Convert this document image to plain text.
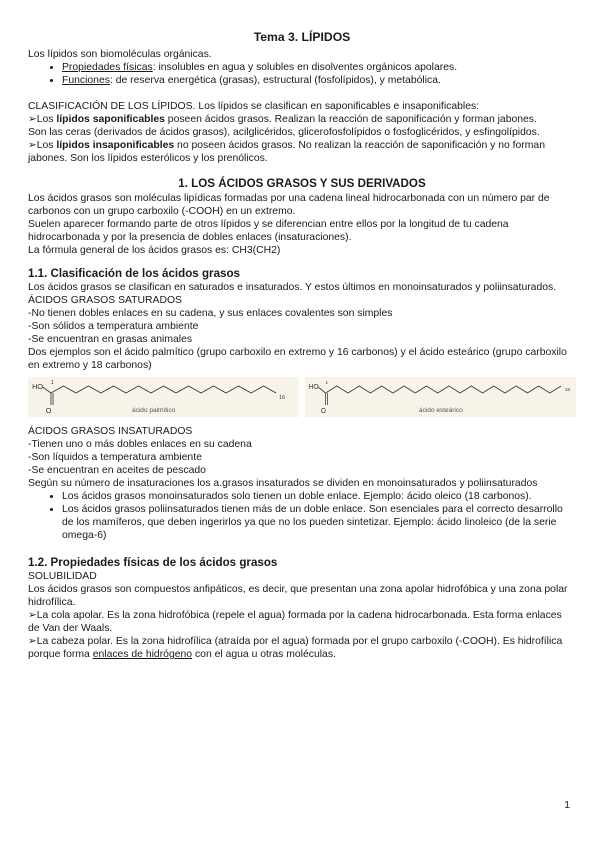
Tema 3. LÍPIDOS

Los lípidos son biomoléculas orgánicas.

• Propiedades físicas: insolubles en agua y solubles en disolventes orgánicos apolares.
• Funciones: de reserva energética (grasas), estructural (fosfolípidos), y metabólica.

CLASIFICACIÓN DE LOS LÍPIDOS. Los lípidos se clasifican en saponificables e insaponificables:

➢Los lípidos saponificables poseen ácidos grasos. Realizan la reacción de saponificación y forman jabones.

Son las ceras (derivados de ácidos grasos), acilglicéridos, glicerofosfolípidos o fosfoglicéridos, y esfingolípidos.

➢Los lípidos insaponificables no poseen ácidos grasos. No realizan la reacción de saponificación y no forman jabones. Son los lípidos esterólicos y los prenólicos.

1. LOS ÁCIDOS GRASOS Y SUS DERIVADOS

Los ácidos grasos son moléculas lipídicas formadas por una cadena lineal hidrocarbonada con un número par de carbonos con un grupo carboxilo (-COOH) en un extremo.

Suelen aparecer formando parte de otros lípidos y se diferencian entre ellos por la longitud de tu cadena hidrocarbonada y por la presencia de dobles enlaces (insaturaciones).

La fórmula general de los ácidos grasos es: CH3(CH2)

1.1. Clasificación de los ácidos grasos

Los ácidos grasos se clasifican en saturados e insaturados. Y estos últimos en monoinsaturados y poliinsaturados.

ÁCIDOS GRASOS SATURADOS

-No tienen dobles enlaces en su cadena, y sus enlaces covalentes son simples

-Son sólidos a temperatura ambiente

-Se encuentran en grasas animales

Dos ejemplos son el ácido palmítico (grupo carboxilo en extremo y 16 carbonos) y el ácido esteárico (grupo carboxilo en extremo y 18 carbonos)

HO
1
O
16
ácido palmítico
HO
1
O
18
ácido esteárico

ÁCIDOS GRASOS INSATURADOS

-Tienen uno o más dobles enlaces en su cadena

-Son líquidos a temperatura ambiente

-Se encuentran en aceites de pescado

Según su número de insaturaciones los a.grasos insaturados se dividen en monoinsaturados y poliinsaturados

• Los ácidos grasos monoinsaturados solo tienen un doble enlace. Ejemplo: ácido oleico (18 carbonos).
• Los ácidos grasos poliinsaturados tienen más de un doble enlace. Son esenciales para el correcto desarrollo de los mamíferos, que deben ingerirlos ya que no los pueden sintetizar. Ejemplo: ácido linoleico (de la serie omega-6)
1.2. Propiedades físicas de los ácidos grasos

SOLUBILIDAD

Los ácidos grasos son compuestos anfipáticos, es decir, que presentan una zona apolar hidrofóbica y una zona polar hidrofílica.

➢La cola apolar. Es la zona hidrofóbica (repele el agua) formada por la cadena hidrocarbonada. Esta forma enlaces de Van der Waals.

➢La cabeza polar. Es la zona hidrofílica (atraída por el agua) formada por el grupo carboxilo (-COOH). Es hidrofílica porque forma enlaces de hidrógeno con el agua u otras moléculas.

1
